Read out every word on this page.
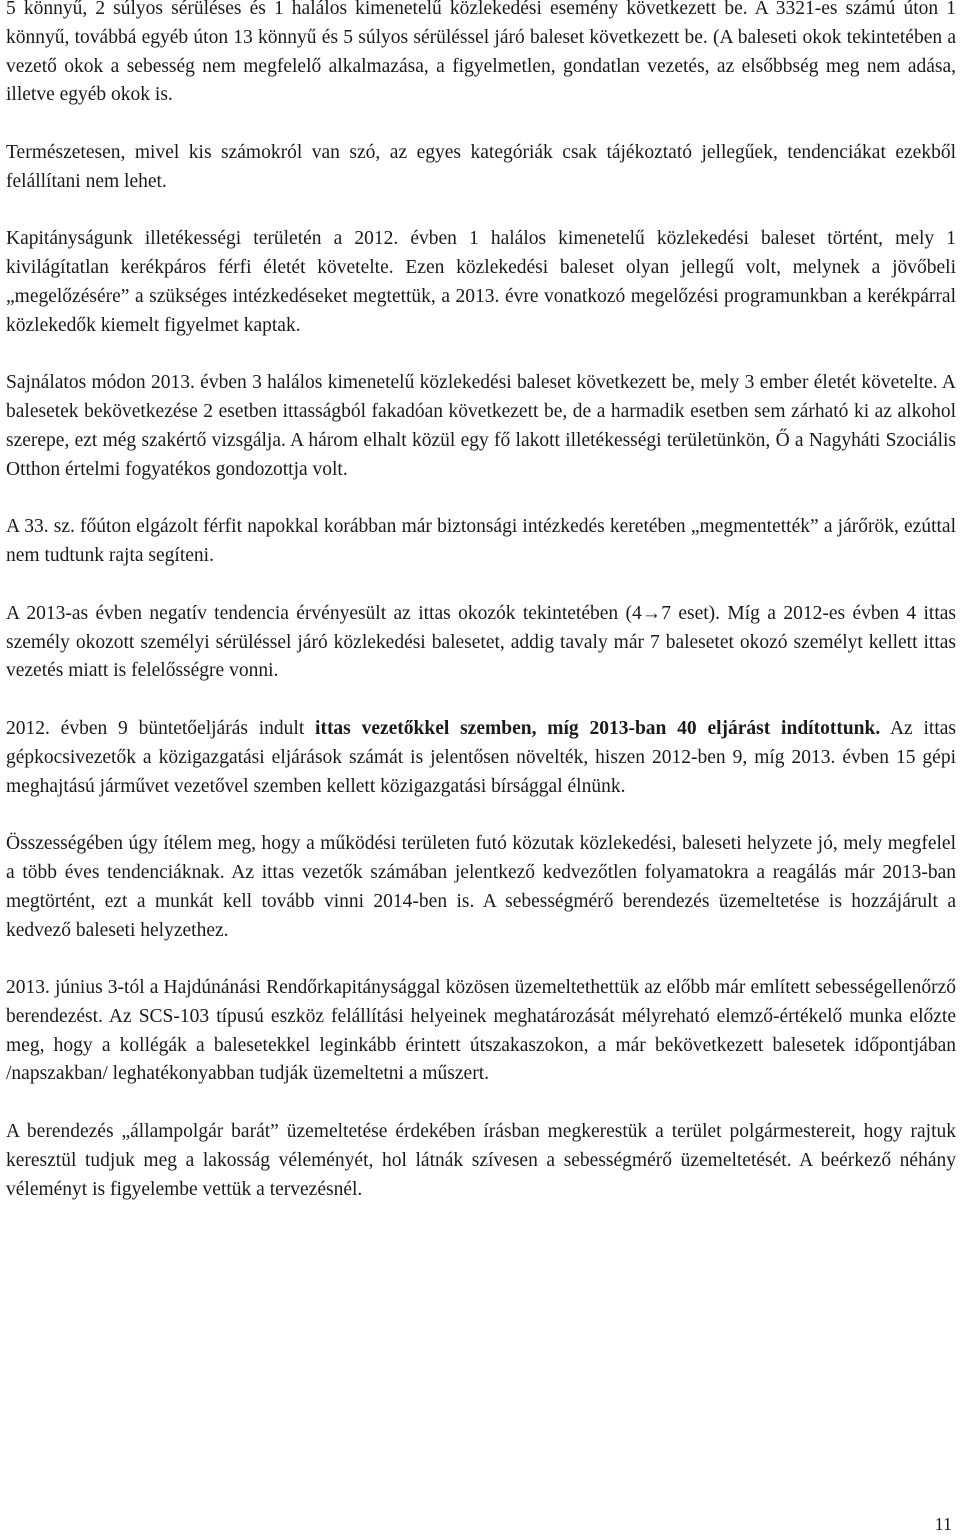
5 könnyű, 2 súlyos sérüléses és 1 halálos kimenetelű közlekedési esemény következett be. A 3321-es számú úton 1 könnyű, továbbá egyéb úton 13 könnyű és 5 súlyos sérüléssel járó baleset következett be. (A baleseti okok tekintetében a vezető okok a sebesség nem megfelelő alkalmazása, a figyelmetlen, gondatlan vezetés, az elsőbbség meg nem adása, illetve egyéb okok is.

Természetesen, mivel kis számokról van szó, az egyes kategóriák csak tájékoztató jellegűek, tendenciákat ezekből felállítani nem lehet.

Kapitányságunk illetékességi területén a 2012. évben 1 halálos kimenetelű közlekedési baleset történt, mely 1 kivilágítatlan kerékpáros férfi életét követelte. Ezen közlekedési baleset olyan jellegű volt, melynek a jövőbeli „megelőzésére” a szükséges intézkedéseket megtettük, a 2013. évre vonatkozó megelőzési programunkban a kerékpárral közlekedők kiemelt figyelmet kaptak.

Sajnálatos módon 2013. évben 3 halálos kimenetelű közlekedési baleset következett be, mely 3 ember életét követelte. A balesetek bekövetkezése 2 esetben ittasságból fakadóan következett be, de a harmadik esetben sem zárható ki az alkohol szerepe, ezt még szakértő vizsgálja. A három elhalt közül egy fő lakott illetékességi területünkön, Ő a Nagyháti Szociális Otthon értelmi fogyatékos gondozottja volt.

A 33. sz. főúton elgázolt férfit napokkal korábban már biztonsági intézkedés keretében „megmentették” a járőrök, ezúttal nem tudtunk rajta segíteni.

A 2013-as évben negatív tendencia érvényesült az ittas okozók tekintetében (4→7 eset). Míg a 2012-es évben 4 ittas személy okozott személyi sérüléssel járó közlekedési balesetet, addig tavaly már 7 balesetet okozó személyt kellett ittas vezetés miatt is felelősségre vonni.

2012. évben 9 büntetőeljárás indult ittas vezetőkkel szemben, míg 2013-ban 40 eljárást indítottunk. Az ittas gépkocsivezetők a közigazgatási eljárások számát is jelentősen növelték, hiszen 2012-ben 9, míg 2013. évben 15 gépi meghajtású járművet vezetővel szemben kellett közigazgatási bírsággal élnünk.

Összességében úgy ítélem meg, hogy a működési területen futó közutak közlekedési, baleseti helyzete jó, mely megfelel a több éves tendenciáknak. Az ittas vezetők számában jelentkező kedvezőtlen folyamatokra a reagálás már 2013-ban megtörtént, ezt a munkát kell tovább vinni 2014-ben is. A sebességmérő berendezés üzemeltetése is hozzájárult a kedvező baleseti helyzethez.

2013. június 3-tól a Hajdúnánási Rendőrkapitánysággal közösen üzemeltethettük az előbb már említett sebességellenőrző berendezést. Az SCS-103 típusú eszköz felállítási helyeinek meghatározását mélyreható elemző-értékelő munka előzte meg, hogy a kollégák a balesetekkel leginkább érintett útszakaszokon, a már bekövetkezett balesetek időpontjában /napszakban/ leghatékonyabban tudják üzemeltetni a műszert.

A berendezés „állampolgár barát” üzemeltetése érdekében írásban megkerestük a terület polgármestereit, hogy rajtuk keresztül tudjuk meg a lakosság véleményét, hol látnák szívesen a sebességmérő üzemeltetését. A beérkező néhány véleményt is figyelembe vettük a tervezésnél.

11
